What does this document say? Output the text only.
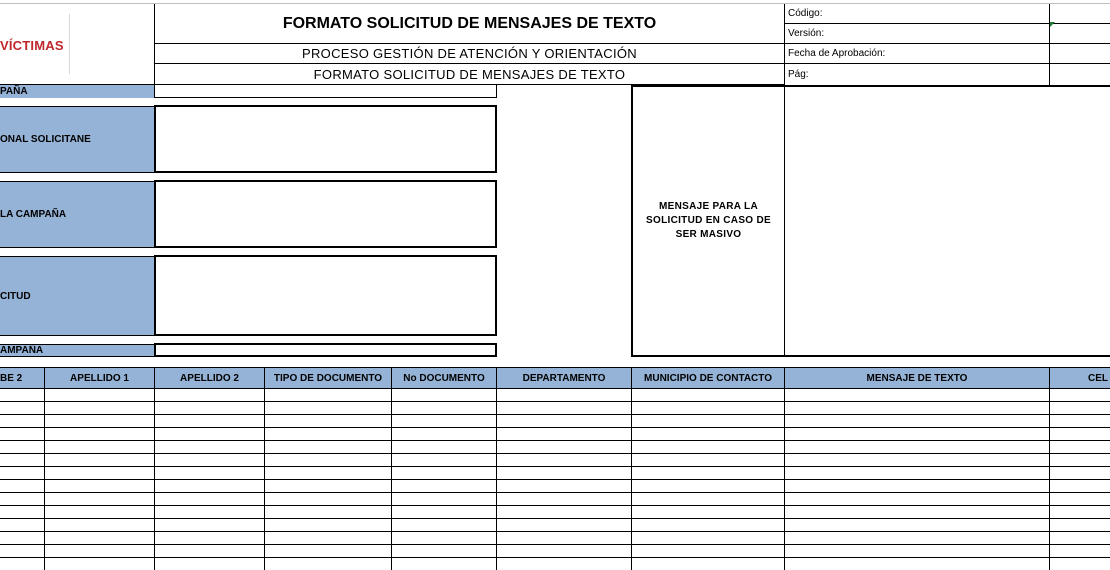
VÍCTIMAS
FORMATO SOLICITUD DE MENSAJES DE TEXTO
PROCESO GESTIÓN DE ATENCIÓN Y ORIENTACIÓN
FORMATO SOLICITUD DE MENSAJES DE TEXTO
Código:
Versión:
Fecha de Aprobación:
Pág:
PAÑA
ONAL SOLICITANE
LA CAMPAÑA
CITUD
AMPAÑA
MENSAJE PARA LA SOLICITUD EN CASO DE SER MASIVO
BE 2	APELLIDO 1	APELLIDO 2	TIPO DE DOCUMENTO	No DOCUMENTO	DEPARTAMENTO	MUNICIPIO DE CONTACTO	MENSAJE DE TEXTO	CEL
